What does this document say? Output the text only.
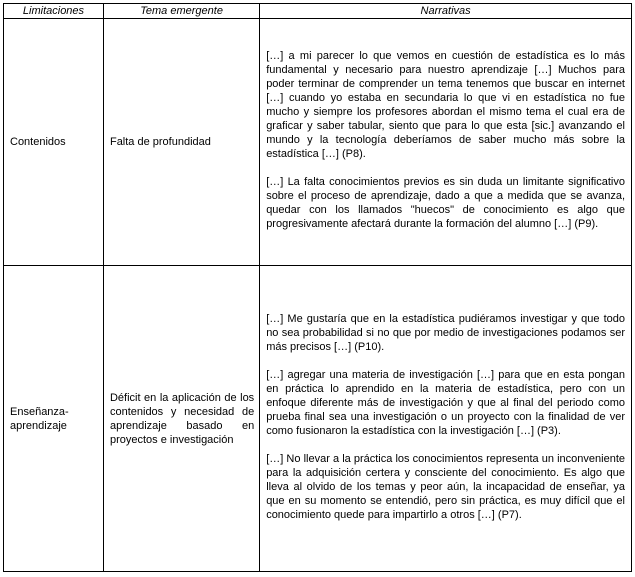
Limitaciones	Tema emergente	Narrativas
Contenidos	Falta de profundidad	[…] a mi parecer lo que vemos en cuestión de estadística es lo más fundamental y necesario para nuestro aprendizaje […] Muchos para poder terminar de comprender un tema tenemos que buscar en internet […] cuando yo estaba en secundaria lo que vi en estadística no fue mucho y siempre los profesores abordan el mismo tema el cual era de graficar y saber tabular, siento que para lo que esta [sic.] avanzando el mundo y la tecnología deberíamos de saber mucho más sobre la estadística […] (P8).

[…] La falta conocimientos previos es sin duda un limitante significativo sobre el proceso de aprendizaje, dado a que a medida que se avanza, quedar con los llamados "huecos" de conocimiento es algo que progresivamente afectará durante la formación del alumno […] (P9).

Enseñanza-aprendizaje	Déficit en la aplicación de los contenidos y necesidad de aprendizaje basado en proyectos e investigación	[…] Me gustaría que en la estadística pudiéramos investigar y que todo no sea probabilidad si no que por medio de investigaciones podamos ser más precisos […] (P10).

[…] agregar una materia de investigación […] para que en esta pongan en práctica lo aprendido en la materia de estadística, pero con un enfoque diferente más de investigación y que al final del periodo como prueba final sea una investigación o un proyecto con la finalidad de ver como fusionaron la estadística con la investigación […] (P3).

[…] No llevar a la práctica los conocimientos representa un inconveniente para la adquisición certera y consciente del conocimiento. Es algo que lleva al olvido de los temas y peor aún, la incapacidad de enseñar, ya que en su momento se entendió, pero sin práctica, es muy difícil que el conocimiento quede para impartirlo a otros […] (P7).
